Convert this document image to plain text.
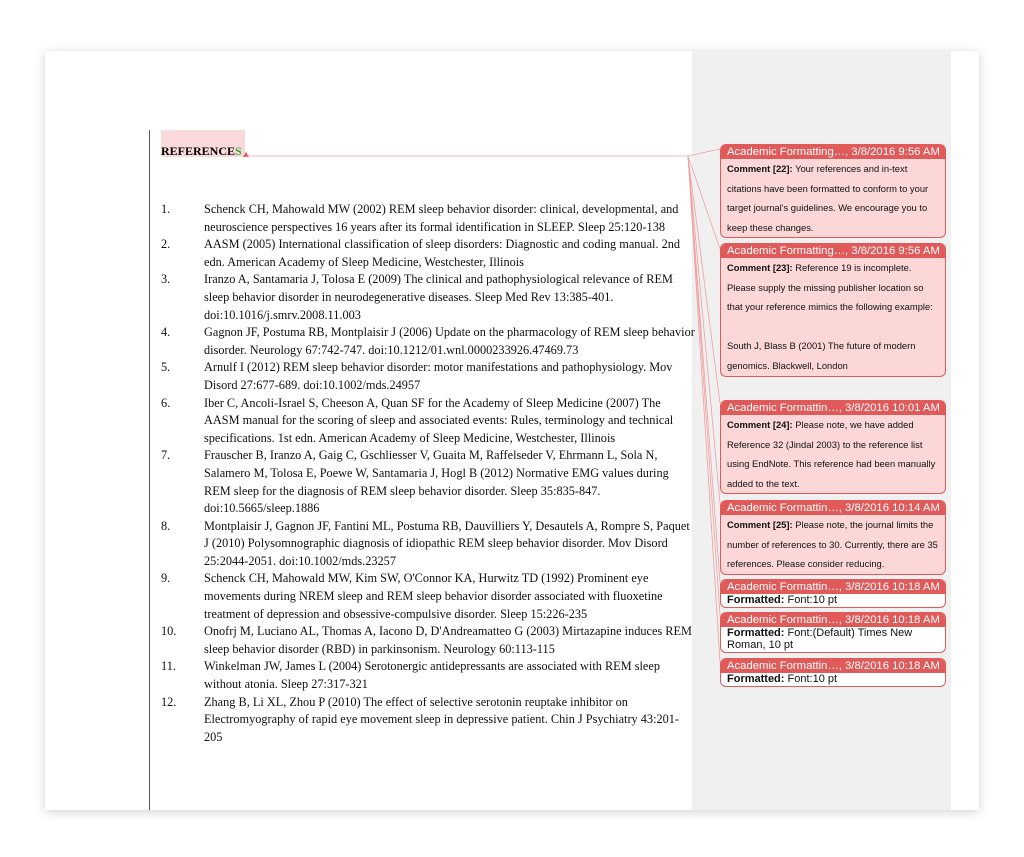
REFERENCES
1.	Schenck CH, Mahowald MW (2002) REM sleep behavior disorder: clinical, developmental, and neuroscience perspectives 16 years after its formal identification in SLEEP. Sleep 25:120-138
2.	AASM (2005) International classification of sleep disorders: Diagnostic and coding manual. 2nd edn. American Academy of Sleep Medicine, Westchester, Illinois
3.	Iranzo A, Santamaria J, Tolosa E (2009) The clinical and pathophysiological relevance of REM sleep behavior disorder in neurodegenerative diseases. Sleep Med Rev 13:385-401. doi:10.1016/j.smrv.2008.11.003
4.	Gagnon JF, Postuma RB, Montplaisir J (2006) Update on the pharmacology of REM sleep behavior disorder. Neurology 67:742-747. doi:10.1212/01.wnl.0000233926.47469.73
5.	Arnulf I (2012) REM sleep behavior disorder: motor manifestations and pathophysiology. Mov Disord 27:677-689. doi:10.1002/mds.24957
6.	Iber C, Ancoli-Israel S, Cheeson A, Quan SF for the Academy of Sleep Medicine (2007) The AASM manual for the scoring of sleep and associated events: Rules, terminology and technical specifications. 1st edn. American Academy of Sleep Medicine, Westchester, Illinois
7.	Frauscher B, Iranzo A, Gaig C, Gschliesser V, Guaita M, Raffelseder V, Ehrmann L, Sola N, Salamero M, Tolosa E, Poewe W, Santamaria J, Hogl B (2012) Normative EMG values during REM sleep for the diagnosis of REM sleep behavior disorder. Sleep 35:835-847. doi:10.5665/sleep.1886
8.	Montplaisir J, Gagnon JF, Fantini ML, Postuma RB, Dauvilliers Y, Desautels A, Rompre S, Paquet J (2010) Polysomnographic diagnosis of idiopathic REM sleep behavior disorder. Mov Disord 25:2044-2051. doi:10.1002/mds.23257
9.	Schenck CH, Mahowald MW, Kim SW, O'Connor KA, Hurwitz TD (1992) Prominent eye movements during NREM sleep and REM sleep behavior disorder associated with fluoxetine treatment of depression and obsessive-compulsive disorder. Sleep 15:226-235
10.	Onofrj M, Luciano AL, Thomas A, Iacono D, D'Andreamatteo G (2003) Mirtazapine induces REM sleep behavior disorder (RBD) in parkinsonism. Neurology 60:113-115
11.	Winkelman JW, James L (2004) Serotonergic antidepressants are associated with REM sleep without atonia. Sleep 27:317-321
12.	Zhang B, Li XL, Zhou P (2010) The effect of selective serotonin reuptake inhibitor on Electromyography of rapid eye movement sleep in depressive patient. Chin J Psychiatry 43:201-205
Academic Formatting…, 3/8/2016 9:56 AM
Comment [22]: Your references and in-text citations have been formatted to conform to your target journal's guidelines. We encourage you to keep these changes.
Academic Formatting…, 3/8/2016 9:56 AM
Comment [23]: Reference 19 is incomplete. Please supply the missing publisher location so that your reference mimics the following example:
South J, Blass B (2001) The future of modern genomics. Blackwell, London
Academic Formattin…, 3/8/2016 10:01 AM
Comment [24]: Please note, we have added Reference 32 (Jindal 2003) to the reference list using EndNote. This reference had been manually added to the text.
Academic Formattin…, 3/8/2016 10:14 AM
Comment [25]: Please note, the journal limits the number of references to 30. Currently, there are 35 references. Please consider reducing.
Academic Formattin…, 3/8/2016 10:18 AM
Formatted: Font:10 pt
Academic Formattin…, 3/8/2016 10:18 AM
Formatted: Font:(Default) Times New Roman, 10 pt
Academic Formattin…, 3/8/2016 10:18 AM
Formatted: Font:10 pt
